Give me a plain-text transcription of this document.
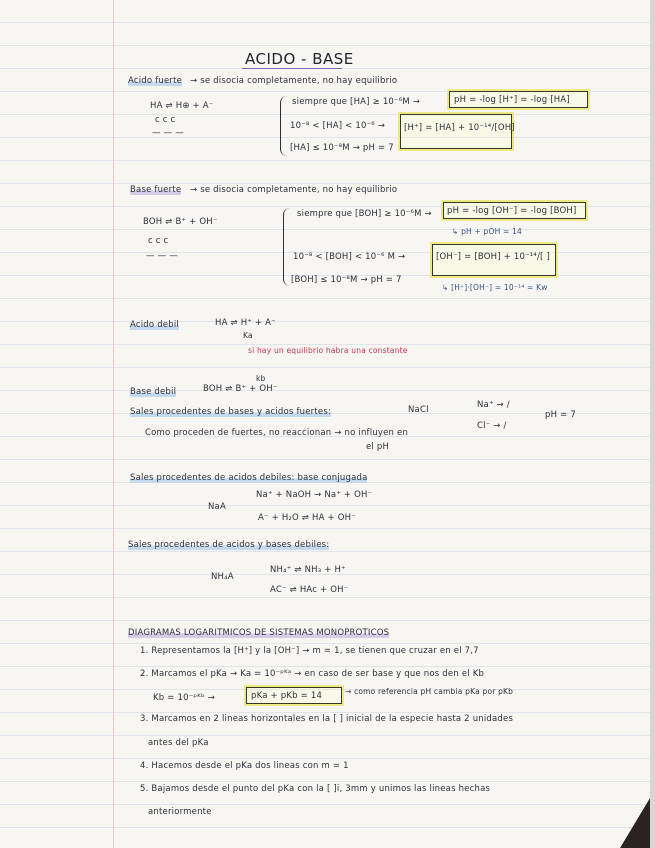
ACIDO - BASE
Acido fuerte → se disocia completamente, no hay equilibrio
HA ⇌ H⊕ + A⁻
c c c
— — —
siempre que [HA] ≥ 10⁻⁶M →	pH = -log [H⁺] = -log [HA]
10⁻⁸ < [HA] < 10⁻⁶ → [H⁺] = [HA] + 10⁻¹⁴/[OH]
[HA] ≤ 10⁻⁸M → pH = 7
Base fuerte → se disocia completamente, no hay equilibrio
BOH ⇌ B⁺ + OH⁻
c c c
— — —
siempre que [BOH] ≥ 10⁻⁶M → pH = -log [OH⁻] = -log [BOH]
↳ pH + pOH = 14
10⁻⁸ < [BOH] < 10⁻⁶ M →	[OH⁻] = [BOH] + 10⁻¹⁴/[ ]
↳ [H⁺]·[OH⁻] = 10⁻¹⁴ = Kw
[BOH] ≤ 10⁻⁸M → pH = 7
Acido debil	HA ⇌ H⁺ + A⁻
Ka
si hay un equilibrio habra una constante
kb
Base debil	BOH ⇌ B⁺ + OH⁻
Sales procedentes de bases y acidos fuertes:	NaCl	Na⁺ → /
Cl⁻ → /
pH = 7
Como proceden de fuertes, no reaccionan → no influyen en
el pH
Sales procedentes de acidos debiles: base conjugada
NaA
Na⁺ + NaOH → Na⁺ + OH⁻
A⁻ + H₂O ⇌ HA + OH⁻
Sales procedentes de acidos y bases debiles:
NH₄A
NH₄⁺ ⇌ NH₃ + H⁺
AC⁻ ⇌ HAc + OH⁻
DIAGRAMAS LOGARITMICOS DE SISTEMAS MONOPROTICOS
1. Representamos la [H⁺] y la [OH⁻] → m = 1, se tienen que cruzar en el 7,7
2. Marcamos el pKa → Ka = 10⁻ᵖᴷᵃ → en caso de ser base y que nos den el Kb
Kb = 10⁻ᵖᴷᵇ →	pKa + pKb = 14	→ como referencia pH cambia pKa por pKb
3. Marcamos en 2 lineas horizontales en la [ ] inicial de la especie hasta 2 unidades
antes del pKa
4. Hacemos desde el pKa dos lineas con m = 1
5. Bajamos desde el punto del pKa con la [ ]i, 3mm y unimos las lineas hechas
anteriormente
